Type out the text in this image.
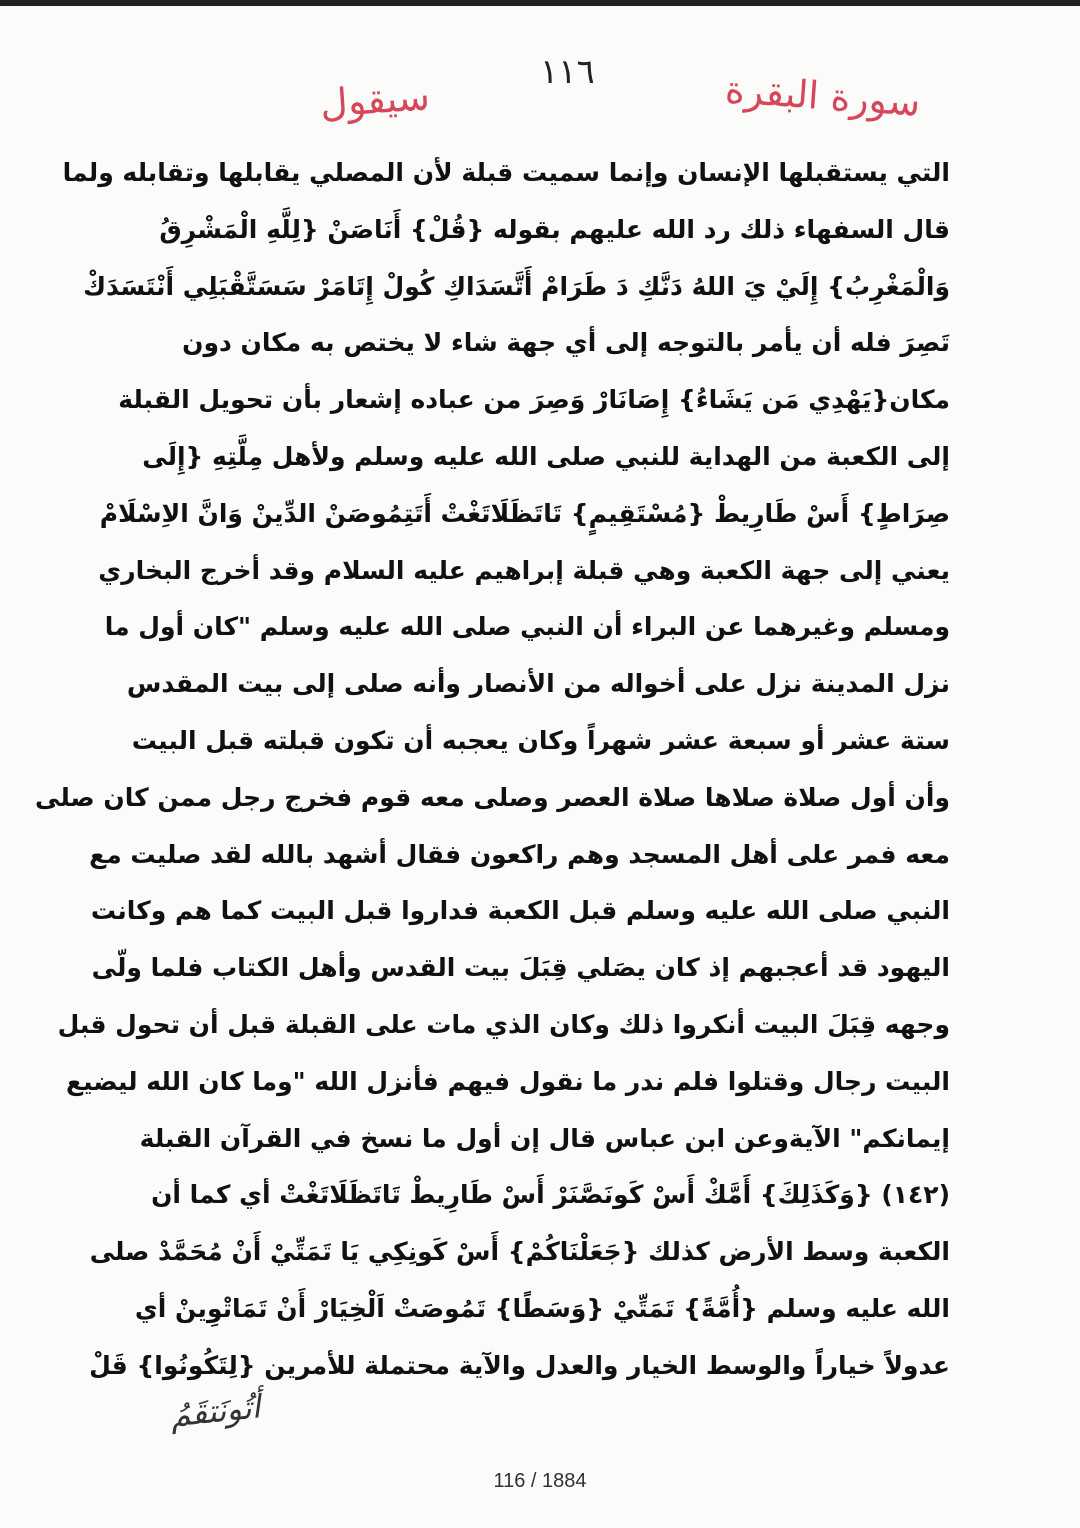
سيقول
١١٦	سورة البقرة
التي يستقبلها الإنسان وإنما سميت قبلة لأن المصلي يقابلها وتقابله ولما
قال السفهاء ذلك رد الله عليهم بقوله {قُلْ} أَنَاصَنْ {لِلَّهِ الْمَشْرِقُ
وَالْمَغْرِبُ} إِلَيْ يَ اللهُ دَنَّكِ دَ طَرَامْ أَتَّسَدَاكِ كُولْ إِتَامَرْ سَسَتَّقْبَلِي أَنْتَسَدَكْ
تَصِرَ فله أن يأمر بالتوجه إلى أي جهة شاء لا يختص به مكان دون
مكان{يَهْدِي مَن يَشَاءُ} إِصَانَارْ وَصِرَ من عباده إشعار بأن تحويل القبلة
إلى الكعبة من الهداية للنبي صلى الله عليه وسلم ولأهل مِلَّتِهِ {إِلَى
صِرَاطٍ} أَسْ طَارِيطْ {مُسْتَقِيمٍ} تَاتَظَلَاتَغْتْ أَتَتِمُوصَنْ الدِّينْ وَانَّ الاِسْلَامْ
يعني إلى جهة الكعبة وهي قبلة إبراهيم عليه السلام وقد أخرج البخاري
ومسلم وغيرهما عن البراء أن النبي صلى الله عليه وسلم "كان أول ما
نزل المدينة نزل على أخواله من الأنصار وأنه صلى إلى بيت المقدس
ستة عشر أو سبعة عشر شهراً وكان يعجبه أن تكون قبلته قبل البيت
وأن أول صلاة صلاها صلاة العصر وصلى معه قوم فخرج رجل ممن كان صلى
معه فمر على أهل المسجد وهم راكعون فقال أشهد بالله لقد صليت مع
النبي صلى الله عليه وسلم قبل الكعبة فداروا قبل البيت كما هم وكانت
اليهود قد أعجبهم إذ كان يصَلي قِبَلَ بيت القدس وأهل الكتاب فلما ولّى
وجهه قِبَلَ البيت أنكروا ذلك وكان الذي مات على القبلة قبل أن تحول قبل
البيت رجال وقتلوا فلم ندر ما نقول فيهم فأنزل الله "وما كان الله ليضيع
إيمانكم" الآيةوعن ابن عباس قال إن أول ما نسخ في القرآن القبلة
(١٤٢) {وَكَذَلِكَ} أَمَّكْ أَسْ كَونَصَّنَرْ أَسْ طَارِيطْ تَاتَظَلَاتَغْتْ أي كما أن
الكعبة وسط الأرض كذلك {جَعَلْنَاكُمْ} أَسْ كَونِكِي يَا تَمَتِّيْ أَنْ مُحَمَّدْ صلى
الله عليه وسلم {أُمَّةً} تَمَتِّيْ {وَسَطًا} تَمُوصَتْ اَلْخِيَارْ أَنْ تَمَاتْوِينْ أي
عدولاً خياراً والوسط الخيار والعدل والآية محتملة للأمرين {لِتَكُونُوا} قَلْ
أتُونَتقَمُ
116 / 1884
